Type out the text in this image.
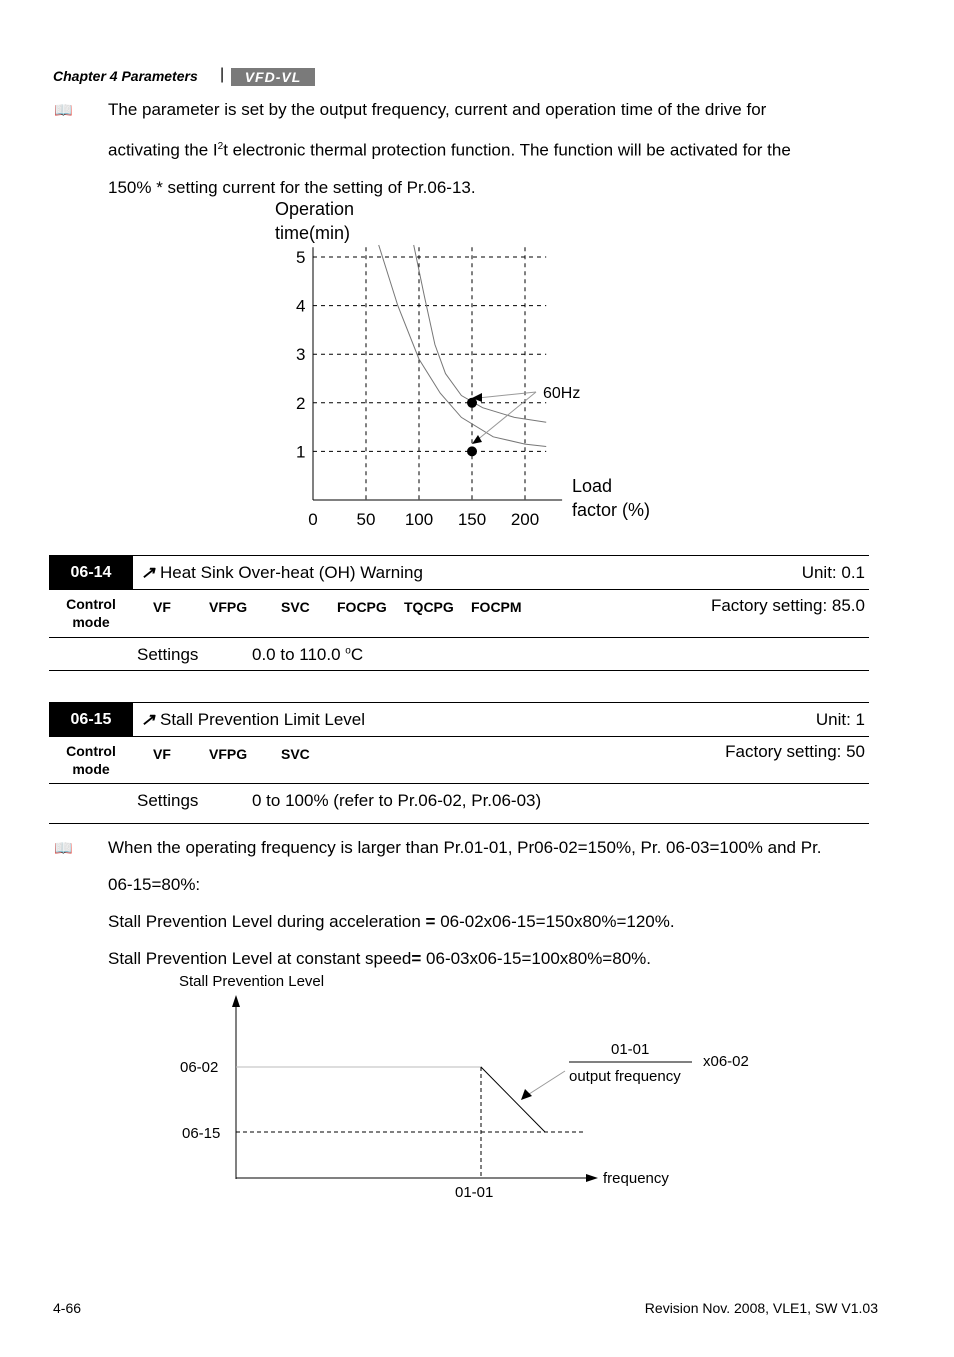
Chapter 4 Parameters |	VFD-VL
📖 The parameter is set by the output frequency, current and operation time of the drive for
activating the $I^2t$ electronic thermal protection function. The function will be activated for the
150% * setting current for the setting of Pr.06-13.
Operation
time(min)
Load
factor (%)
1
2
3
4
5
0 50 100 150 200
60Hz
06-14	↗ Heat Sink Over-heat (OH) Warning	Unit: 0.1
Control
mode
VF	VFPG SVC FOCPG TQCPG FOCPM	Factory setting: 85.0
Settings	0.0 to 110.0 $^o$C
06-15	↗ Stall Prevention Limit Level	Unit: 1
Control
mode
VF	VFPG SVC	Factory setting: 50
Settings	0 to 100% (refer to Pr.06-02, Pr.06-03)
📖 When the operating frequency is larger than Pr.01-01, Pr06-02=150%, Pr. 06-03=100% and Pr.
06-15=80%:
Stall Prevention Level during acceleration = 06-02x06-15=150x80%=120%.
Stall Prevention Level at constant speed= 06-03x06-15=100x80%=80%.
Stall Prevention Level
06-02
06-15
01-01
frequency
01-01
output frequency
x06-02
4-66	Revision Nov. 2008, VLE1, SW V1.03
